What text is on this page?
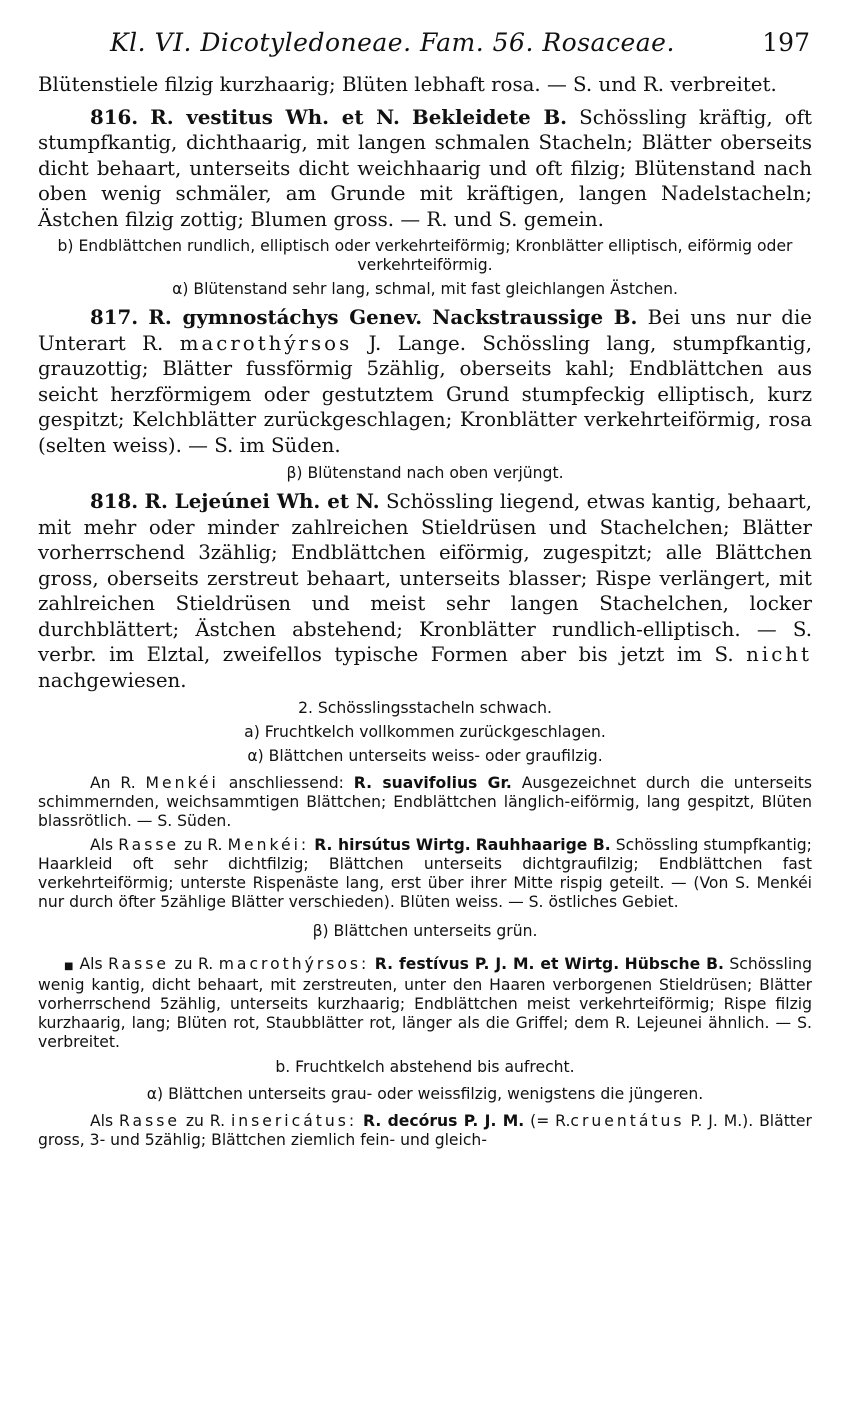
Kl. VI. Dicotyledoneae. Fam. 56. Rosaceae.	197

Blütenstiele filzig kurzhaarig; Blüten lebhaft rosa. — S. und R. verbreitet.

816. R. vestitus Wh. et N. Bekleidete B. Schössling kräftig, oft stumpfkantig, dichthaarig, mit langen schmalen Stacheln; Blätter oberseits dicht behaart, unterseits dicht weichhaarig und oft filzig; Blütenstand nach oben wenig schmäler, am Grunde mit kräftigen, langen Nadelstacheln; Ästchen filzig zottig; Blumen gross. — R. und S. gemein.

b) Endblättchen rundlich, elliptisch oder verkehrteiförmig; Kronblätter elliptisch, eiförmig oder verkehrteiförmig.

α) Blütenstand sehr lang, schmal, mit fast gleichlangen Ästchen.

817. R. gymnostáchys Genev. Nackstraussige B. Bei uns nur die Unterart R. macrothýrsos J. Lange. Schössling lang, stumpfkantig, grauzottig; Blätter fussförmig 5zählig, oberseits kahl; Endblättchen aus seicht herzförmigem oder gestutztem Grund stumpfeckig elliptisch, kurz gespitzt; Kelchblätter zurückgeschlagen; Kronblätter verkehrteiförmig, rosa (selten weiss). — S. im Süden.

β) Blütenstand nach oben verjüngt.

818. R. Lejeúnei Wh. et N. Schössling liegend, etwas kantig, behaart, mit mehr oder minder zahlreichen Stieldrüsen und Stachelchen; Blätter vorherrschend 3zählig; Endblättchen eiförmig, zugespitzt; alle Blättchen gross, oberseits zerstreut behaart, unterseits blasser; Rispe verlängert, mit zahlreichen Stieldrüsen und meist sehr langen Stachelchen, locker durchblättert; Ästchen abstehend; Kronblätter rundlich-elliptisch. — S. verbr. im Elztal, zweifellos typische Formen aber bis jetzt im S. nicht nachgewiesen.

2. Schösslingsstacheln schwach.

a) Fruchtkelch vollkommen zurückgeschlagen.

α) Blättchen unterseits weiss- oder graufilzig.

An R. Menkéi anschliessend: R. suavifolius Gr. Ausgezeichnet durch die unterseits schimmernden, weichsammtigen Blättchen; Endblättchen länglich-eiförmig, lang gespitzt, Blüten blassrötlich. — S. Süden.

Als Rasse zu R. Menkéi: R. hirsútus Wirtg. Rauhhaarige B. Schössling stumpfkantig; Haarkleid oft sehr dichtfilzig; Blättchen unterseits dichtgraufilzig; Endblättchen fast verkehrteiförmig; unterste Rispenäste lang, erst über ihrer Mitte rispig geteilt. — (Von S. Menkéi nur durch öfter 5zählige Blätter verschieden). Blüten weiss. — S. östliches Gebiet.

β) Blättchen unterseits grün.

■ Als Rasse zu R. macrothýrsos: R. festívus P. J. M. et Wirtg. Hübsche B. Schössling wenig kantig, dicht behaart, mit zerstreuten, unter den Haaren verborgenen Stieldrüsen; Blätter vorherrschend 5zählig, unterseits kurzhaarig; Endblättchen meist verkehrteiförmig; Rispe filzig kurzhaarig, lang; Blüten rot, Staubblätter rot, länger als die Griffel; dem R. Lejeunei ähnlich. — S. verbreitet.

b. Fruchtkelch abstehend bis aufrecht.

α) Blättchen unterseits grau- oder weissfilzig, wenigstens die jüngeren.

Als Rasse zu R. insericátus: R. decórus P. J. M. (= R.cruentátus P. J. M.). Blätter gross, 3- und 5zählig; Blättchen ziemlich fein- und gleich-
